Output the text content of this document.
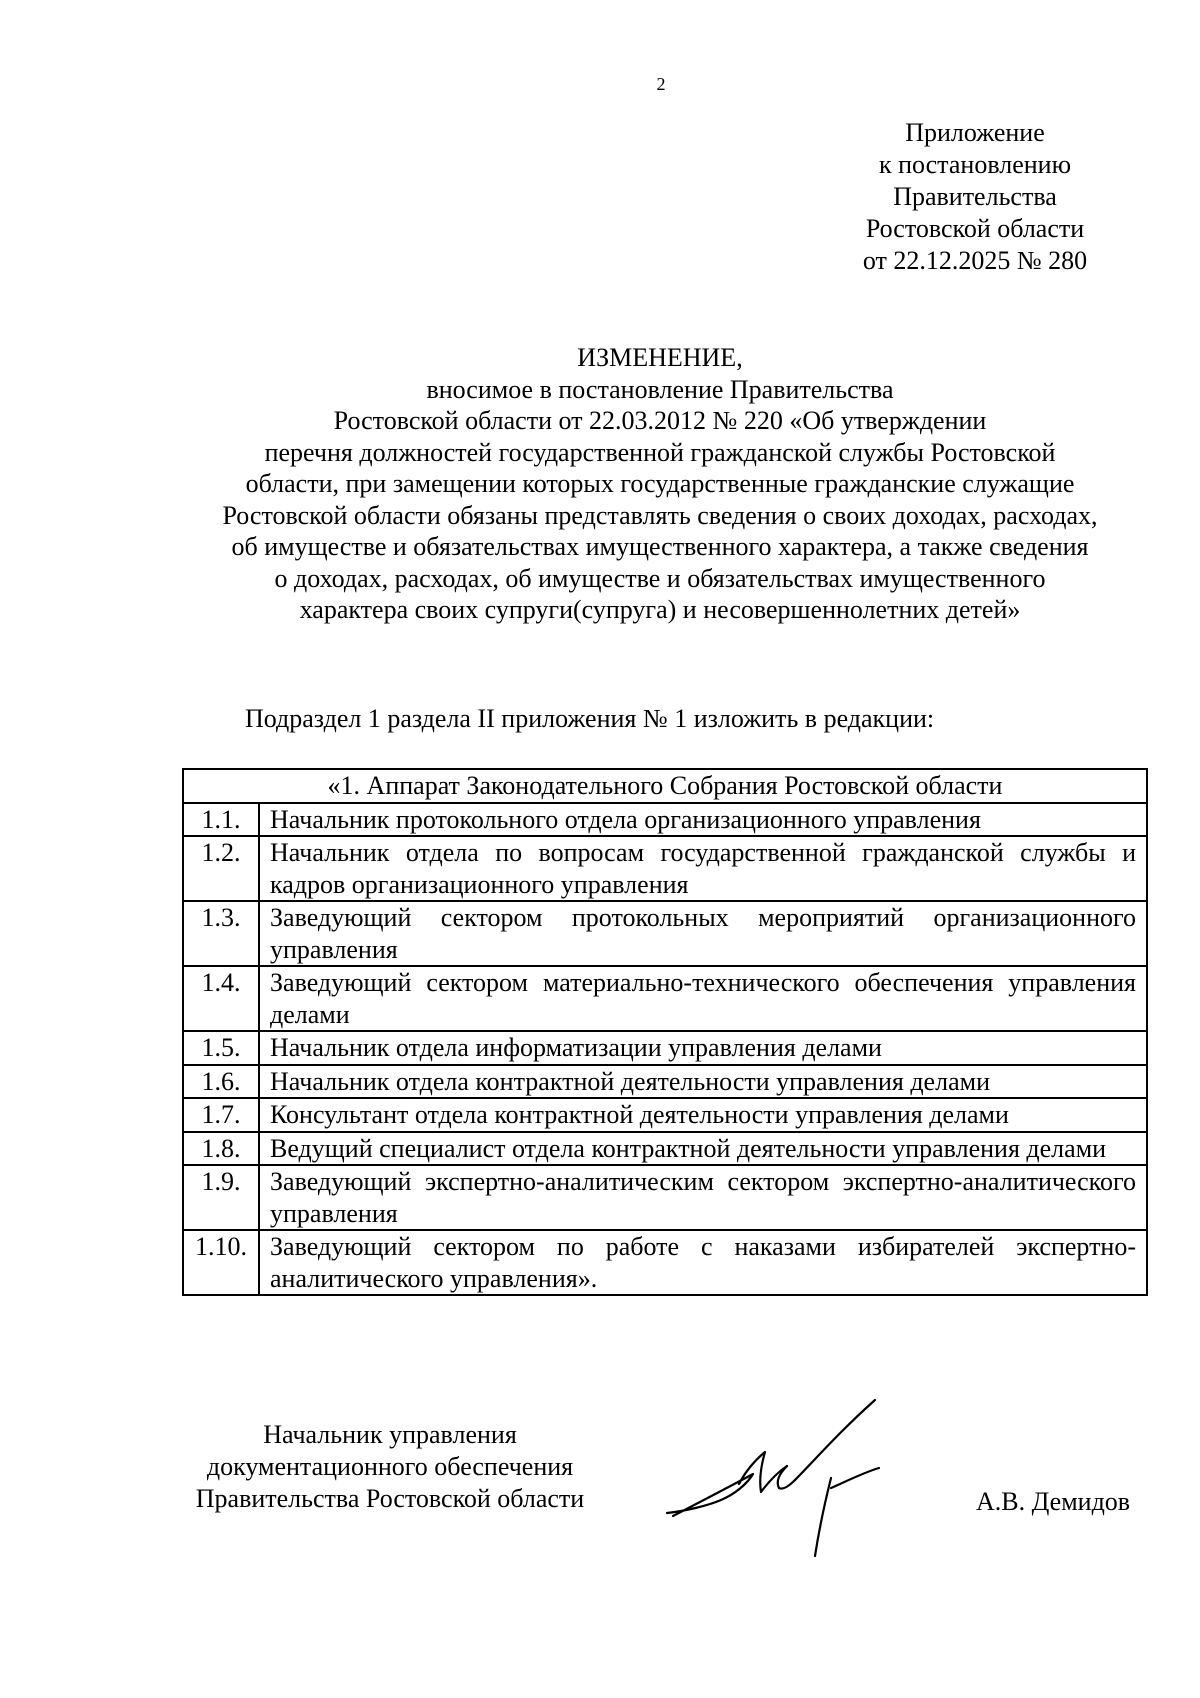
2
Приложение
к постановлению
Правительства
Ростовской области
от 22.12.2025 № 280
ИЗМЕНЕНИЕ,
вносимое в постановление Правительства
Ростовской области от 22.03.2012 № 220 «Об утверждении
перечня должностей государственной гражданской службы Ростовской
области, при замещении которых государственные гражданские служащие
Ростовской области обязаны представлять сведения о своих доходах, расходах,
об имуществе и обязательствах имущественного характера, а также сведения
о доходах, расходах, об имуществе и обязательствах имущественного
характера своих супруги(супруга) и несовершеннолетних детей»
Подраздел 1 раздела II приложения № 1 изложить в редакции:
«1. Аппарат Законодательного Собрания Ростовской области	
1.1.	Начальник протокольного отдела организационного управления
1.2.	Начальник отдела по вопросам государственной гражданской службы и кадров организационного управления
1.3.	Заведующий сектором протокольных мероприятий организационного управления
1.4.	Заведующий сектором материально-технического обеспечения управления делами
1.5.	Начальник отдела информатизации управления делами
1.6.	Начальник отдела контрактной деятельности управления делами
1.7.	Консультант отдела контрактной деятельности управления делами
1.8.	Ведущий специалист отдела контрактной деятельности управления делами
1.9.	Заведующий экспертно-аналитическим сектором экспертно-аналитического управления
1.10.	Заведующий сектором по работе с наказами избирателей экспертно-аналитического управления».
Начальник управления
документационного обеспечения
Правительства Ростовской области	А.В. Демидов
